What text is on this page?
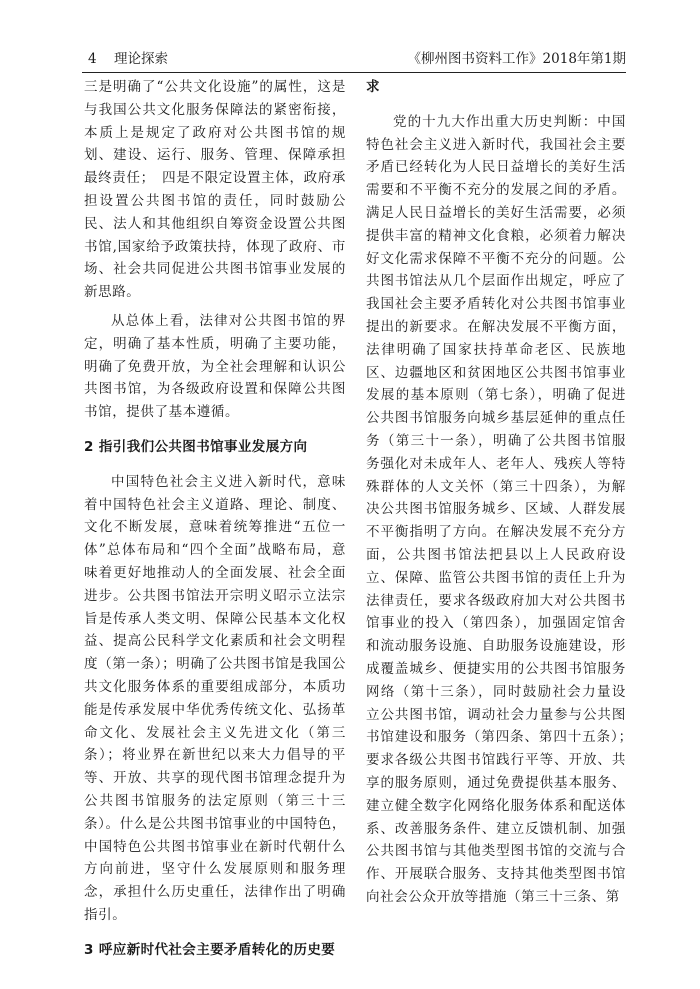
4 理论探索	《柳州图书资料工作》2018年第1期

三是明确了“公共文化设施”的属性，这是与我国公共文化服务保障法的紧密衔接，本质上是规定了政府对公共图书馆的规划、建设、运行、服务、管理、保障承担最终责任；　四是不限定设置主体，政府承担设置公共图书馆的责任，同时鼓励公民、法人和其他组织自筹资金设置公共图书馆,国家给予政策扶持，体现了政府、市场、社会共同促进公共图书馆事业发展的新思路。

从总体上看，法律对公共图书馆的界定，明确了基本性质，明确了主要功能，明确了免费开放，为全社会理解和认识公共图书馆，为各级政府设置和保障公共图书馆，提供了基本遵循。

2 指引我们公共图书馆事业发展方向

中国特色社会主义进入新时代，意味着中国特色社会主义道路、理论、制度、文化不断发展，意味着统筹推进“五位一体”总体布局和“四个全面”战略布局，意味着更好地推动人的全面发展、社会全面进步。公共图书馆法开宗明义昭示立法宗旨是传承人类文明、保障公民基本文化权益、提高公民科学文化素质和社会文明程度（第一条）；明确了公共图书馆是我国公共文化服务体系的重要组成部分，本质功能是传承发展中华优秀传统文化、弘扬革命文化、发展社会主义先进文化（第三条）；将业界在新世纪以来大力倡导的平等、开放、共享的现代图书馆理念提升为公共图书馆服务的法定原则（第三十三条）。什么是公共图书馆事业的中国特色，中国特色公共图书馆事业在新时代朝什么方向前进，坚守什么发展原则和服务理念，承担什么历史重任，法律作出了明确指引。

3 呼应新时代社会主要矛盾转化的历史要
求

党的十九大作出重大历史判断：中国特色社会主义进入新时代，我国社会主要矛盾已经转化为人民日益增长的美好生活需要和不平衡不充分的发展之间的矛盾。满足人民日益增长的美好生活需要，必须提供丰富的精神文化食粮，必须着力解决好文化需求保障不平衡不充分的问题。公共图书馆法从几个层面作出规定，呼应了我国社会主要矛盾转化对公共图书馆事业提出的新要求。在解决发展不平衡方面，法律明确了国家扶持革命老区、民族地区、边疆地区和贫困地区公共图书馆事业发展的基本原则（第七条），明确了促进公共图书馆服务向城乡基层延伸的重点任务（第三十一条），明确了公共图书馆服务强化对未成年人、老年人、残疾人等特殊群体的人文关怀（第三十四条），为解决公共图书馆服务城乡、区域、人群发展不平衡指明了方向。在解决发展不充分方面，公共图书馆法把县以上人民政府设立、保障、监管公共图书馆的责任上升为法律责任，要求各级政府加大对公共图书馆事业的投入（第四条），加强固定馆舍和流动服务设施、自助服务设施建设，形成覆盖城乡、便捷实用的公共图书馆服务网络（第十三条），同时鼓励社会力量设立公共图书馆，调动社会力量参与公共图书馆建设和服务（第四条、第四十五条）；　要求各级公共图书馆践行平等、开放、共享的服务原则，通过免费提供基本服务、建立健全数字化网络化服务体系和配送体系、改善服务条件、建立反馈机制、加强公共图书馆与其他类型图书馆的交流与合作、开展联合服务、支持其他类型图书馆向社会公众开放等措施（第三十三条、第
